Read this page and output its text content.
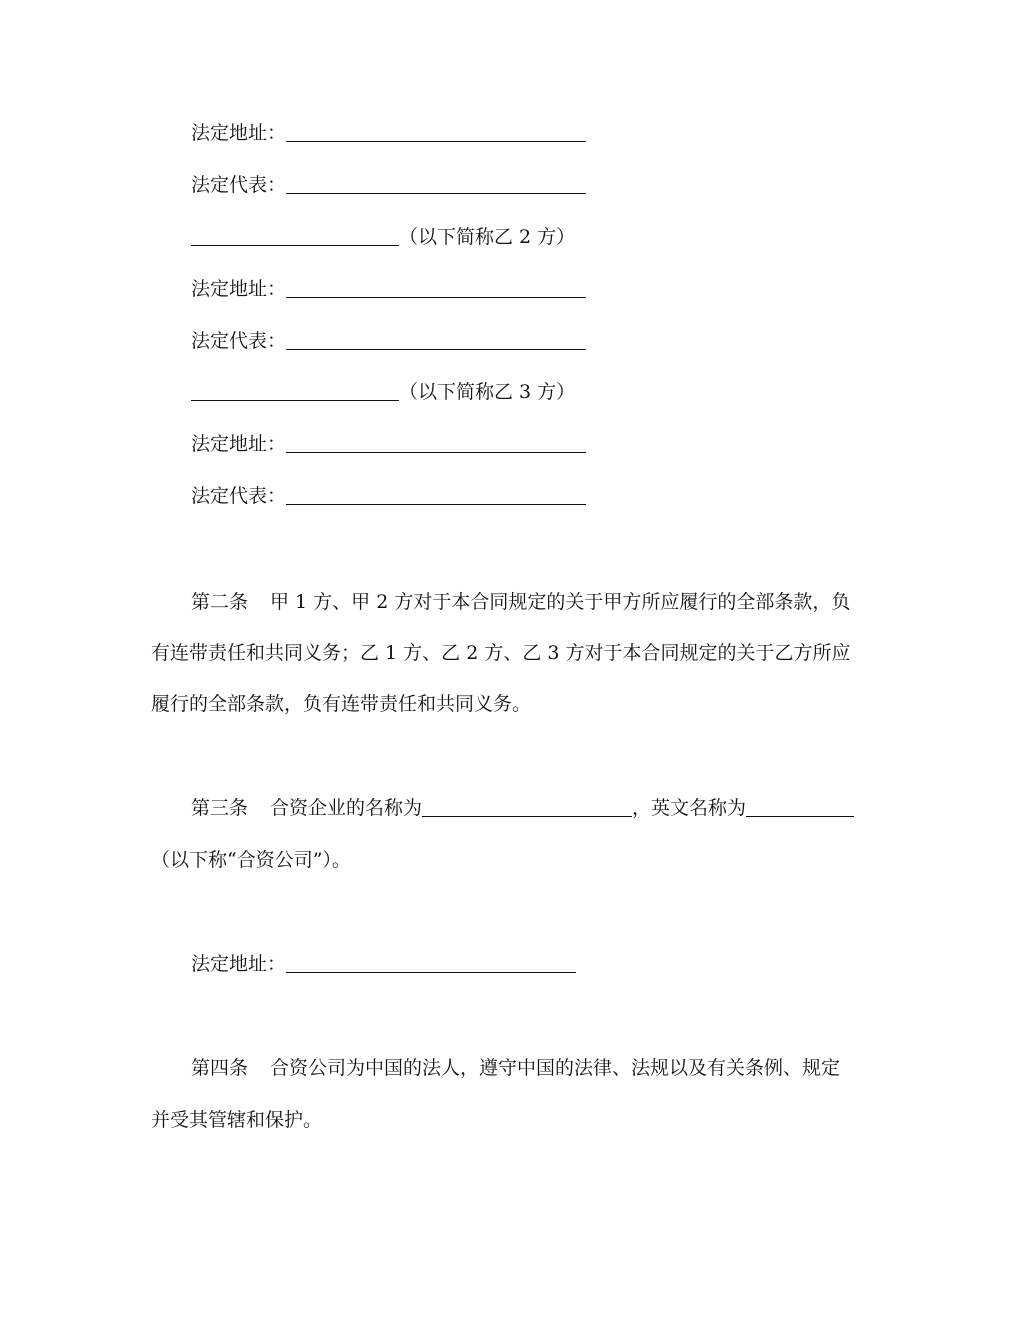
法定地址：
法定代表：
（以下简称乙 2 方）
法定地址：
法定代表：
（以下简称乙 3 方）
法定地址：
法定代表：
第二条 甲 1 方、甲 2 方对于本合同规定的关于甲方所应履行的全部条款，负
有连带责任和共同义务；乙 1 方、乙 2 方、乙 3 方对于本合同规定的关于乙方所应
履行的全部条款，负有连带责任和共同义务。
第三条 合资企业的名称为	，英文名称为
（以下称“合资公司”）。
法定地址：
第四条 合资公司为中国的法人，遵守中国的法律、法规以及有关条例、规定
并受其管辖和保护。
